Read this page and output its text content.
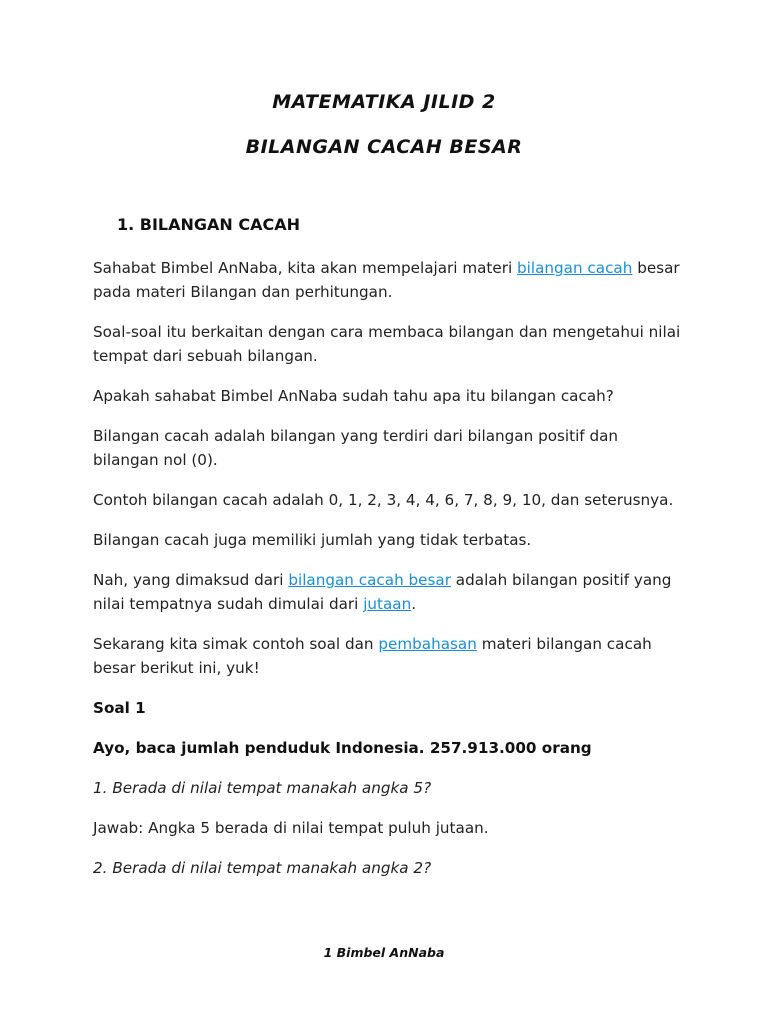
MATEMATIKA JILID 2
BILANGAN CACAH BESAR
1. BILANGAN CACAH

Sahabat Bimbel AnNaba, kita akan mempelajari materi bilangan cacah besar pada materi Bilangan dan perhitungan.

Soal-soal itu berkaitan dengan cara membaca bilangan dan mengetahui nilai tempat dari sebuah bilangan.

Apakah sahabat Bimbel AnNaba sudah tahu apa itu bilangan cacah?

Bilangan cacah adalah bilangan yang terdiri dari bilangan positif dan bilangan nol (0).

Contoh bilangan cacah adalah 0, 1, 2, 3, 4, 4, 6, 7, 8, 9, 10, dan seterusnya.

Bilangan cacah juga memiliki jumlah yang tidak terbatas.

Nah, yang dimaksud dari bilangan cacah besar adalah bilangan positif yang nilai tempatnya sudah dimulai dari jutaan.

Sekarang kita simak contoh soal dan pembahasan materi bilangan cacah besar berikut ini, yuk!

Soal 1

Ayo, baca jumlah penduduk Indonesia. 257.913.000 orang

1. Berada di nilai tempat manakah angka 5?

Jawab: Angka 5 berada di nilai tempat puluh jutaan.

2. Berada di nilai tempat manakah angka 2?

1 Bimbel AnNaba
